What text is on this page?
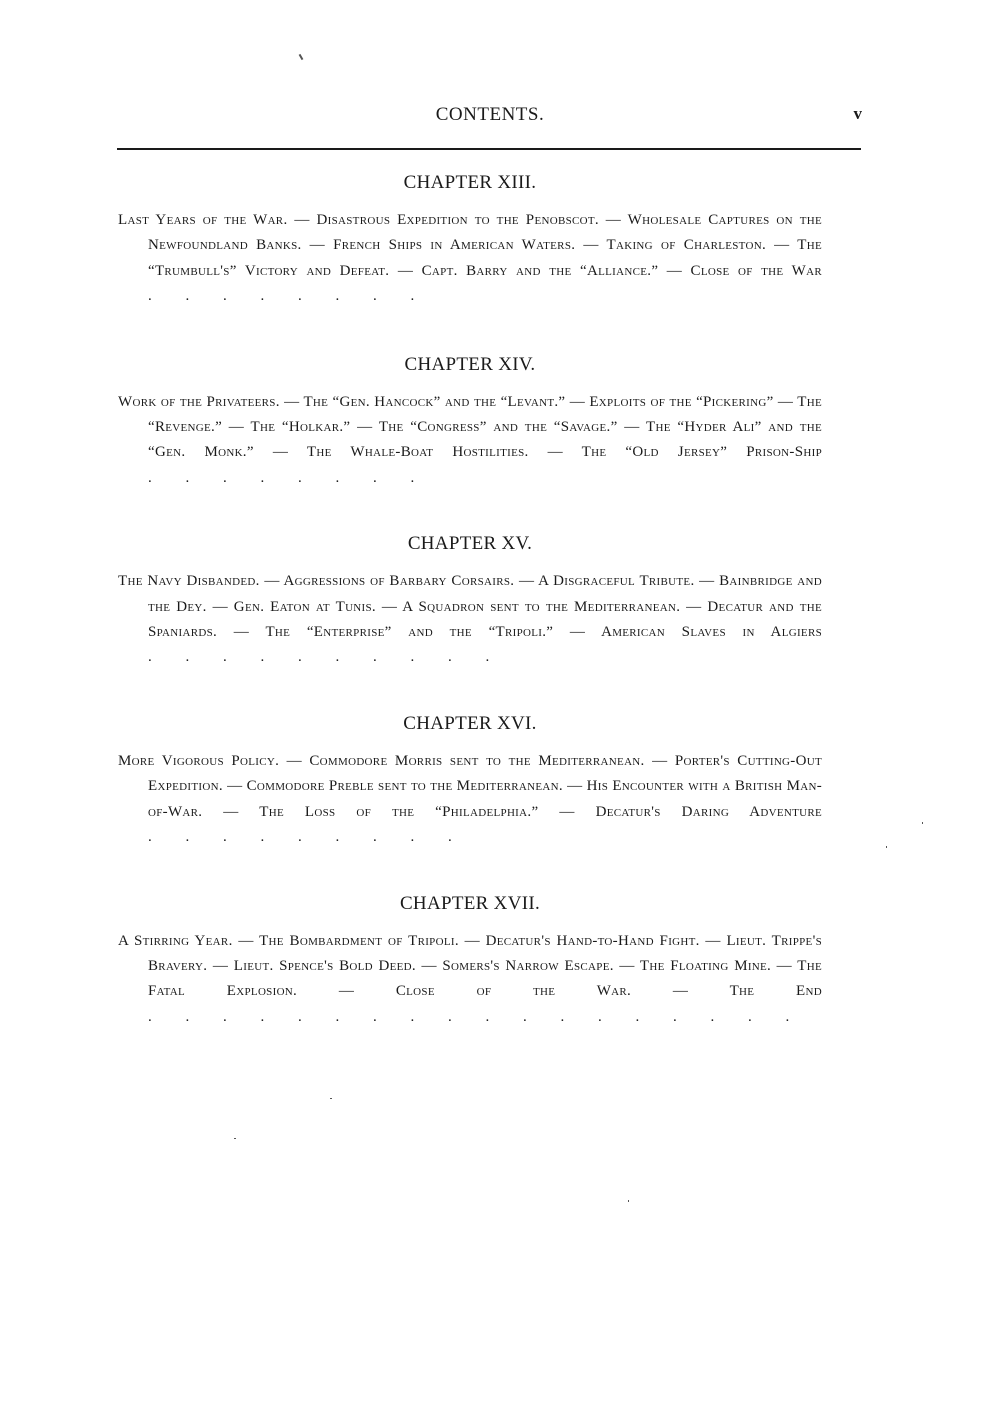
CONTENTS.	v
CHAPTER XIII.

Last Years of the War. — Disastrous Expedition to the Penobscot. — Wholesale Captures on the Newfoundland Banks. — French Ships in American Waters. — Taking of Charleston. — The “Trumbull's” Victory and Defeat. — Capt. Barry and the “Alliance.” — Close of the War . . . . . . . .

CHAPTER XIV.

Work of the Privateers. — The “Gen. Hancock” and the “Levant.” — Exploits of the “Pickering” — The “Revenge.” — The “Holkar.” — The “Congress” and the “Savage.” — The “Hyder Ali” and the “Gen. Monk.” — The Whale-Boat Hostilities. — The “Old Jersey” Prison-Ship . . . . . . . .

CHAPTER XV.

The Navy Disbanded. — Aggressions of Barbary Corsairs. — A Disgraceful Tribute. — Bainbridge and the Dey. — Gen. Eaton at Tunis. — A Squadron sent to the Mediterranean. — Decatur and the Spaniards. — The “Enterprise” and the “Tripoli.” — American Slaves in Algiers . . . . . . . . . .

CHAPTER XVI.

More Vigorous Policy. — Commodore Morris sent to the Mediterranean. — Porter's Cutting-Out Expedition. — Commodore Preble sent to the Mediterranean. — His Encounter with a British Man-of-War. — The Loss of the “Philadelphia.” — Decatur's Daring Adventure . . . . . . . . .

CHAPTER XVII.

A Stirring Year. — The Bombardment of Tripoli. — Decatur's Hand-to-Hand Fight. — Lieut. Trippe's Bravery. — Lieut. Spence's Bold Deed. — Somers's Narrow Escape. — The Floating Mine. — The Fatal Explosion. — Close of the War. — The End . . . . . . . . . . . . . . . . . .
